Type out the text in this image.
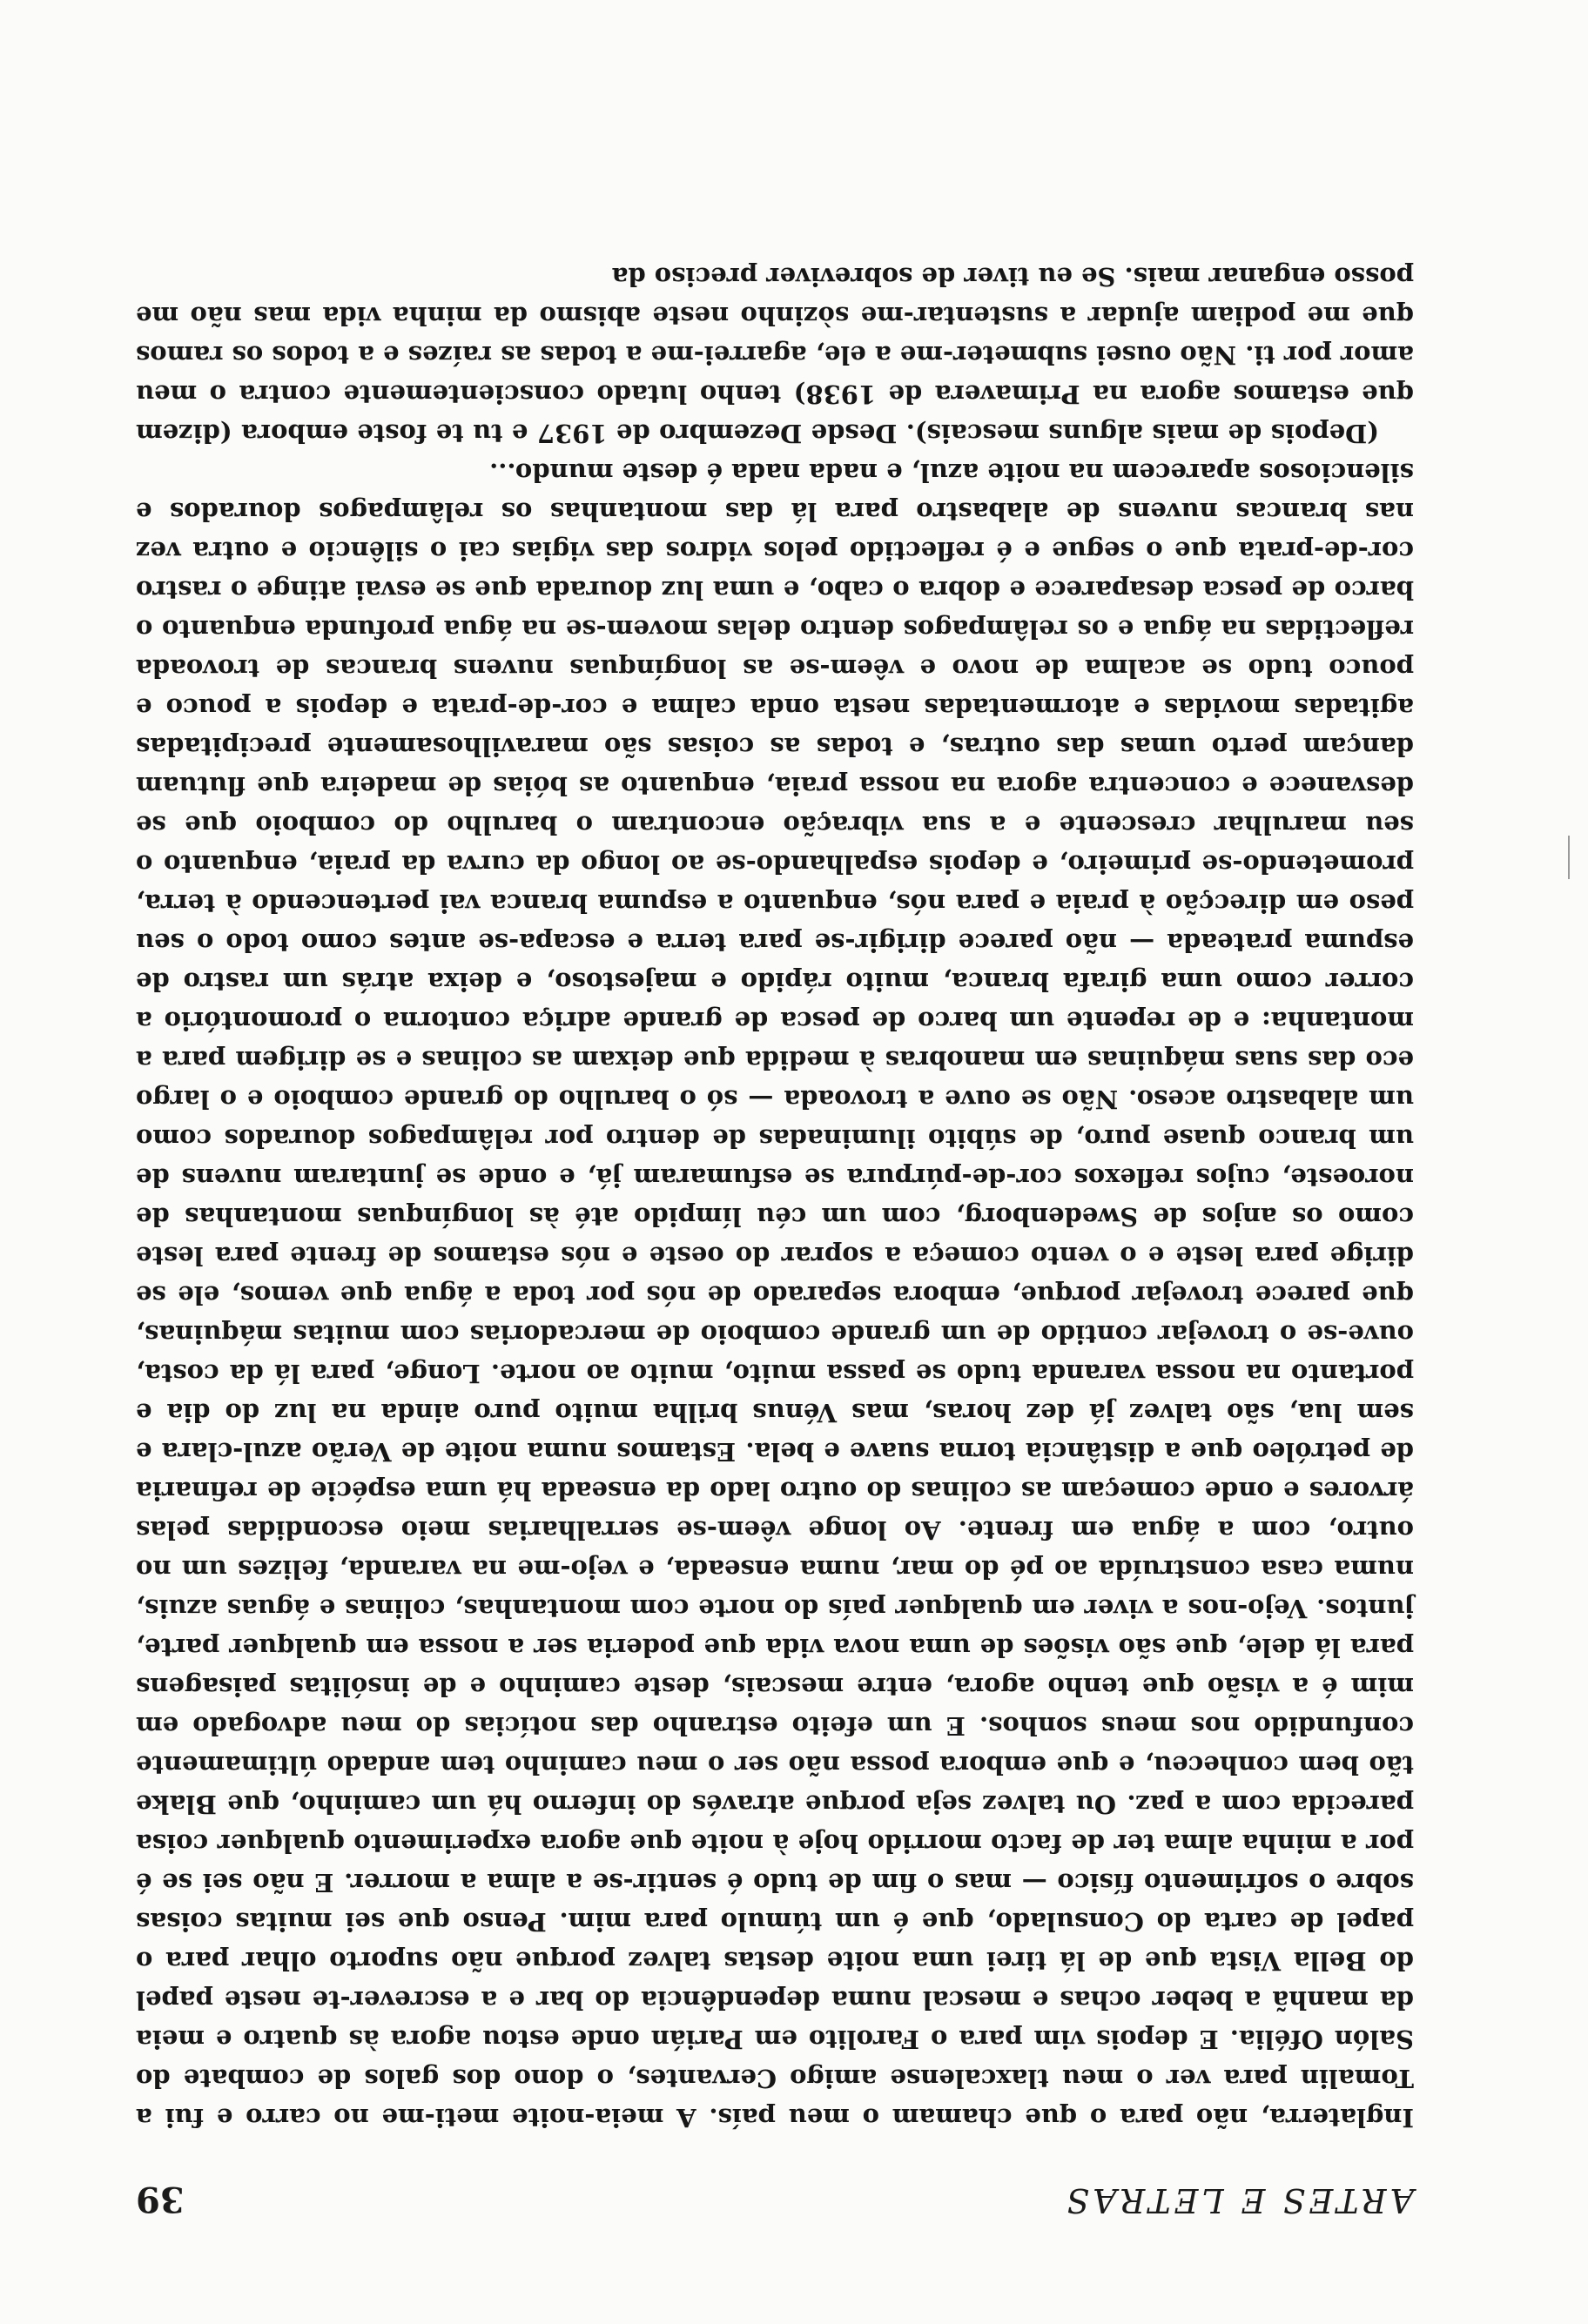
ARTES E LETRAS
39

Inglaterra, não para o que chamam o meu país. A meia-noite meti-me no carro e fui a Tomalin para ver o meu tlaxcalense amigo Cervantes, o dono dos galos de combate do Salón Ofélia. E depois vim para o Farolito em Parián onde estou agora às quatro e meia da manhã a beber ochas e mescal numa dependência do bar e a escrever-te neste papel do Bella Vista que de lá tirei uma noite destas talvez porque não suporto olhar para o papel de carta do Consulado, que é um túmulo para mim. Penso que sei muitas coisas sobre o sofrimento físico — mas o fim de tudo é sentir-se a alma a morrer. E não sei se é por a minha alma ter de facto morrido hoje à noite que agora experimento qualquer coisa parecida com a paz. Ou talvez seja porque através do inferno há um caminho, que Blake tão bem conheceu, e que embora possa não ser o meu caminho tem andado últimamente confundido nos meus sonhos. E um efeito estranho das notícias do meu advogado em mim é a visão que tenho agora, entre mescais, deste caminho e de insólitas paisagens para lá dele, que são visões de uma nova vida que poderia ser a nossa em qualquer parte, juntos. Vejo-nos a viver em qualquer país do norte com montanhas, colinas e águas azuis, numa casa construída ao pé do mar, numa enseada, e vejo-me na varanda, felizes um no outro, com a água em frente. Ao longe vêem-se serralharias meio escondidas pelas árvores e onde começam as colinas do outro lado da enseada há uma espécie de refinaria de petróleo que a distância torna suave e bela. Estamos numa noite de Verão azul-clara e sem lua, são talvez já dez horas, mas Vénus brilha muito puro ainda na luz do dia e portanto na nossa varanda tudo se passa muito, muito ao norte. Longe, para lá da costa, ouve-se o trovejar contido de um grande comboio de mercadorias com muitas máquinas, que parece trovejar porque, embora separado de nós por toda a água que vemos, ele se dirige para leste e o vento começa a soprar do oeste e nós estamos de frente para leste como os anjos de Swedenborg, com um céu límpido até às longínquas montanhas de noroeste, cujos reflexos cor-de-púrpura se esfumaram já, e onde se juntaram nuvens de um branco quase puro, de súbito iluminadas de dentro por relâmpagos dourados como um alabastro aceso. Não se ouve a trovoada — só o barulho do grande comboio e o largo eco das suas máquinas em manobras à medida que deixam as colinas e se dirigem para a montanha: e de repente um barco de pesca de grande adriça contorna o promontório a correr como uma girafa branca, muito rápido e majestoso, e deixa atrás um rastro de espuma prateada — não parece dirigir-se para terra e escapa-se antes como todo o seu peso em direcção à praia e para nós, enquanto a espuma branca vai pertencendo à terra, prometendo-se primeiro, e depois espalhando-se ao longo da curva da praia, enquanto o seu marulhar crescente e a sua vibração encontram o barulho do comboio que se desvanece e concentra agora na nossa praia, enquanto as bóias de madeira que flutuam dançam perto umas das outras, e todas as coisas são maravilhosamente precipitadas agitadas movidas e atormentadas nesta onda calma e cor-de-prata e depois a pouco e pouco tudo se acalma de novo e vêem-se as longínquas nuvens brancas de trovoada reflectidas na água e os relâmpagos dentro delas movem-se na água profunda enquanto o barco de pesca desaparece e dobra o cabo, e uma luz dourada que se esvai atinge o rastro cor-de-prata que o segue e é reflectido pelos vidros das vigias cai o silêncio e outra vez nas brancas nuvens de alabastro para lá das montanhas os relâmpagos dourados e silenciosos aparecem na noite azul, e nada nada é deste mundo...

(Depois de mais alguns mescais). Desde Dezembro de 1937 e tu te foste embora (dizem que estamos agora na Primavera de 1938) tenho lutado conscientemente contra o meu amor por ti. Não ousei submeter-me a ele, agarrei-me a todas as raízes e a todos os ramos que me podiam ajudar a sustentar-me sòzinho neste abismo da minha vida mas não me posso enganar mais. Se eu tiver de sobreviver preciso da
